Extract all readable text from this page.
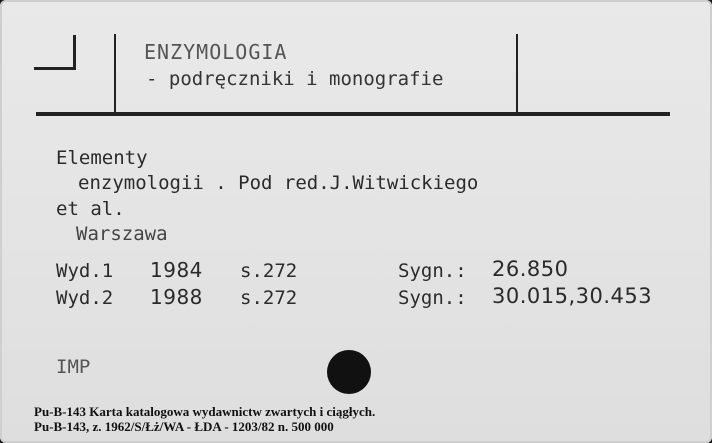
ENZYMOLOGIA
- podręczniki i monografie
Elementy
enzymologii . Pod red.J.Witwickiego
et al.
Warszawa
Wyd.1 1984 s.272	Sygn.: 26.850
Wyd.2 1988 s.272	Sygn.: 30.015,30.453
IMP
Pu-B-143 Karta katalogowa wydawnictw zwartych i ciągłych.
Pu-B-143, z. 1962/S/Łż/WA - ŁDA - 1203/82 n. 500 000
